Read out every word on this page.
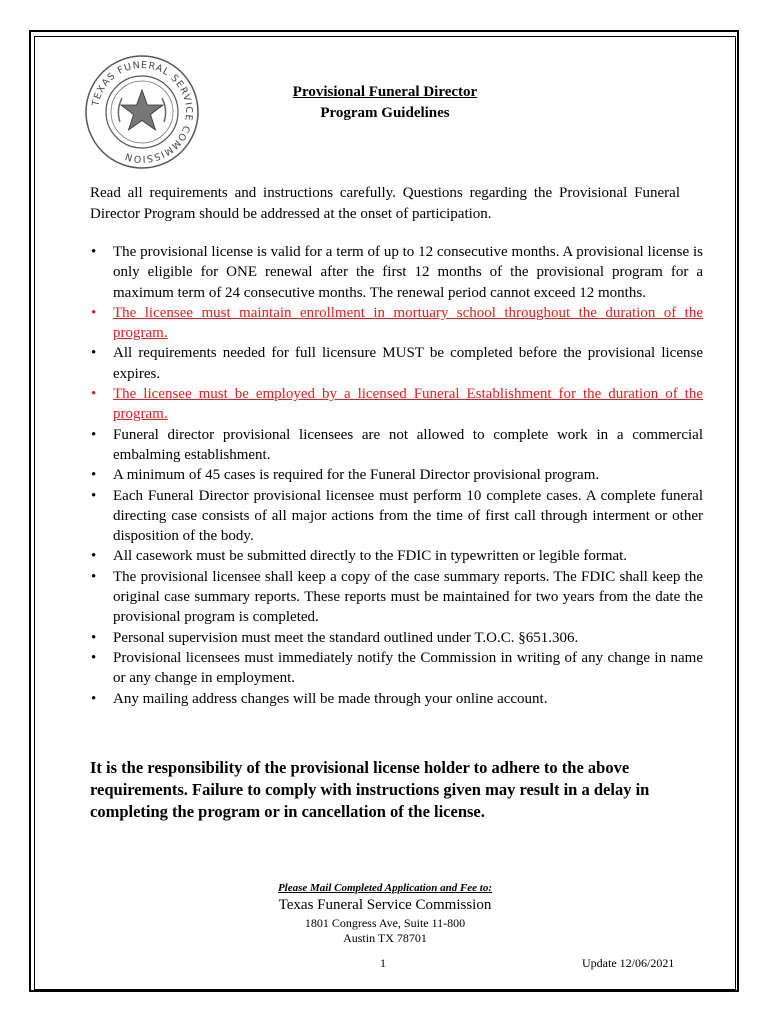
TEXAS FUNERAL SERVICE COMMISSION
Provisional Funeral Director
Program Guidelines
Read all requirements and instructions carefully. Questions regarding the Provisional Funeral Director Program should be addressed at the onset of participation.
• The provisional license is valid for a term of up to 12 consecutive months. A provisional license is only eligible for ONE renewal after the first 12 months of the provisional program for a maximum term of 24 consecutive months. The renewal period cannot exceed 12 months.
• The licensee must maintain enrollment in mortuary school throughout the duration of the program.
• All requirements needed for full licensure MUST be completed before the provisional license expires.
• The licensee must be employed by a licensed Funeral Establishment for the duration of the program.
• Funeral director provisional licensees are not allowed to complete work in a commercial embalming establishment.
• A minimum of 45 cases is required for the Funeral Director provisional program.
• Each Funeral Director provisional licensee must perform 10 complete cases. A complete funeral directing case consists of all major actions from the time of first call through interment or other disposition of the body.
• All casework must be submitted directly to the FDIC in typewritten or legible format.
• The provisional licensee shall keep a copy of the case summary reports. The FDIC shall keep the original case summary reports. These reports must be maintained for two years from the date the provisional program is completed.
• Personal supervision must meet the standard outlined under T.O.C. §651.306.
• Provisional licensees must immediately notify the Commission in writing of any change in name or any change in employment.
• Any mailing address changes will be made through your online account.
It is the responsibility of the provisional license holder to adhere to the above requirements. Failure to comply with instructions given may result in a delay in completing the program or in cancellation of the license.
Please Mail Completed Application and Fee to:
Texas Funeral Service Commission
1801 Congress Ave, Suite 11-800
Austin TX 78701
1	Update 12/06/2021
